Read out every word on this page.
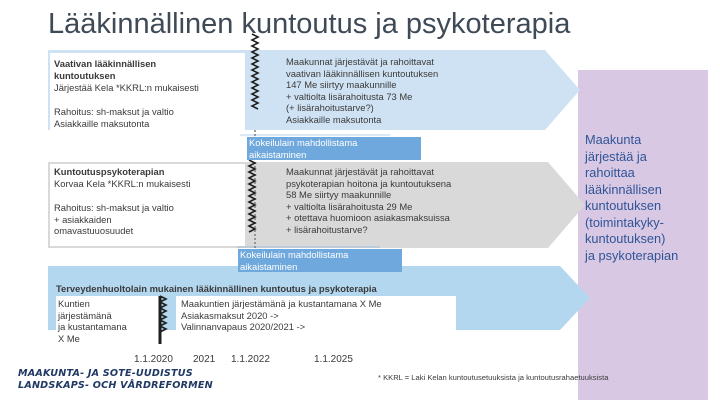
Lääkinnällinen kuntoutus ja psykoterapia
Vaativan lääkinnällisen
kuntoutuksen
Järjestää Kela *KKRL:n mukaisesti
Rahoitus: sh-maksut ja valtio
Asiakkaille maksutonta
Maakunnat järjestävät ja rahoittavat
vaativan lääkinnällisen kuntoutuksen
147 Me siirtyy maakunnille
+ valtiolta lisärahoitusta 73 Me
(+ lisärahoitustarve?)
Asiakkaille maksutonta
Kokeilulain mahdollistama
aikaistaminen
Kuntoutuspsykoterapian
Korvaa Kela *KKRL:n mukaisesti
Rahoitus: sh-maksut ja valtio
+ asiakkaiden
omavastuuosuudet
Maakunnat järjestävät ja rahoittavat
psykoterapian hoitona ja kuntoutuksena
58 Me siirtyy maakunnille
+ valtiolta lisärahoitusta 29 Me
+ otettava huomioon asiakasmaksuissa
+ lisärahoitustarve?
Kokeilulain mahdollistama
aikaistaminen
Maakunta
järjestää ja
rahoittaa
lääkinnällisen
kuntoutuksen
(toimintakyky-
kuntoutuksen)
ja psykoterapian
Terveydenhuoltolain mukainen lääkinnällinen kuntoutus ja psykoterapia
Kuntien
järjestämänä
ja kustantamana
X Me
Maakuntien järjestämänä ja kustantamana X Me
Asiakasmaksut 2020 ->
Valinnanvapaus 2020/2021 ->
1.1.2020 2021 1.1.2022	1.1.2025
MAAKUNTA- JA SOTE-UUDISTUS
LANDSKAPS- OCH VÅRDREFORMEN
* KKRL = Laki Kelan kuntoutusetuuksista ja kuntoutusrahaetuuksista
